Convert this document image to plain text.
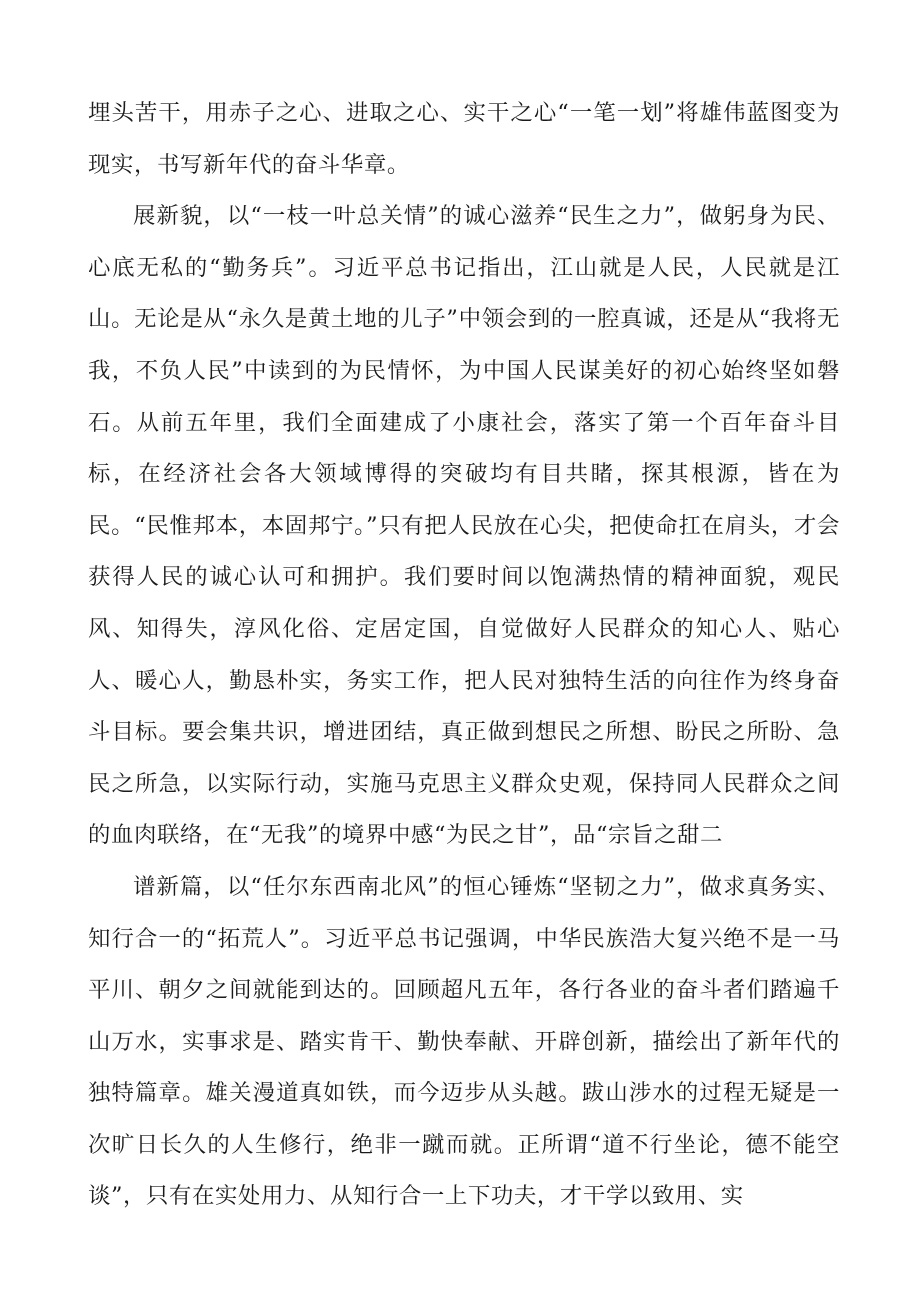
埋头苦干，用赤子之心、进取之心、实干之心“一笔一划”将雄伟蓝图变为现实，书写新年代的奋斗华章。

展新貌，以“一枝一叶总关情”的诚心滋养“民生之力”，做躬身为民、心底无私的“勤务兵”。习近平总书记指出，江山就是人民，人民就是江山。无论是从“永久是黄土地的儿子”中领会到的一腔真诚，还是从“我将无我，不负人民”中读到的为民情怀，为中国人民谋美好的初心始终坚如磐石。从前五年里，我们全面建成了小康社会，落实了第一个百年奋斗目标，在经济社会各大领域博得的突破均有目共睹，探其根源，皆在为民。“民惟邦本，本固邦宁。”只有把人民放在心尖，把使命扛在肩头，才会获得人民的诚心认可和拥护。我们要时间以饱满热情的精神面貌，观民风、知得失，淳风化俗、定居定国，自觉做好人民群众的知心人、贴心人、暖心人，勤恳朴实，务实工作，把人民对独特生活的向往作为终身奋斗目标。要会集共识，增进团结，真正做到想民之所想、盼民之所盼、急民之所急，以实际行动，实施马克思主义群众史观，保持同人民群众之间的血肉联络，在“无我”的境界中感“为民之甘”，品“宗旨之甜二

谱新篇，以“任尔东西南北风”的恒心锤炼“坚韧之力”，做求真务实、知行合一的“拓荒人”。习近平总书记强调，中华民族浩大复兴绝不是一马平川、朝夕之间就能到达的。回顾超凡五年，各行各业的奋斗者们踏遍千山万水，实事求是、踏实肯干、勤快奉献、开辟创新，描绘出了新年代的独特篇章。雄关漫道真如铁，而今迈步从头越。跋山涉水的过程无疑是一次旷日长久的人生修行，绝非一蹴而就。正所谓“道不行坐论，德不能空谈”，只有在实处用力、从知行合一上下功夫，才干学以致用、实
